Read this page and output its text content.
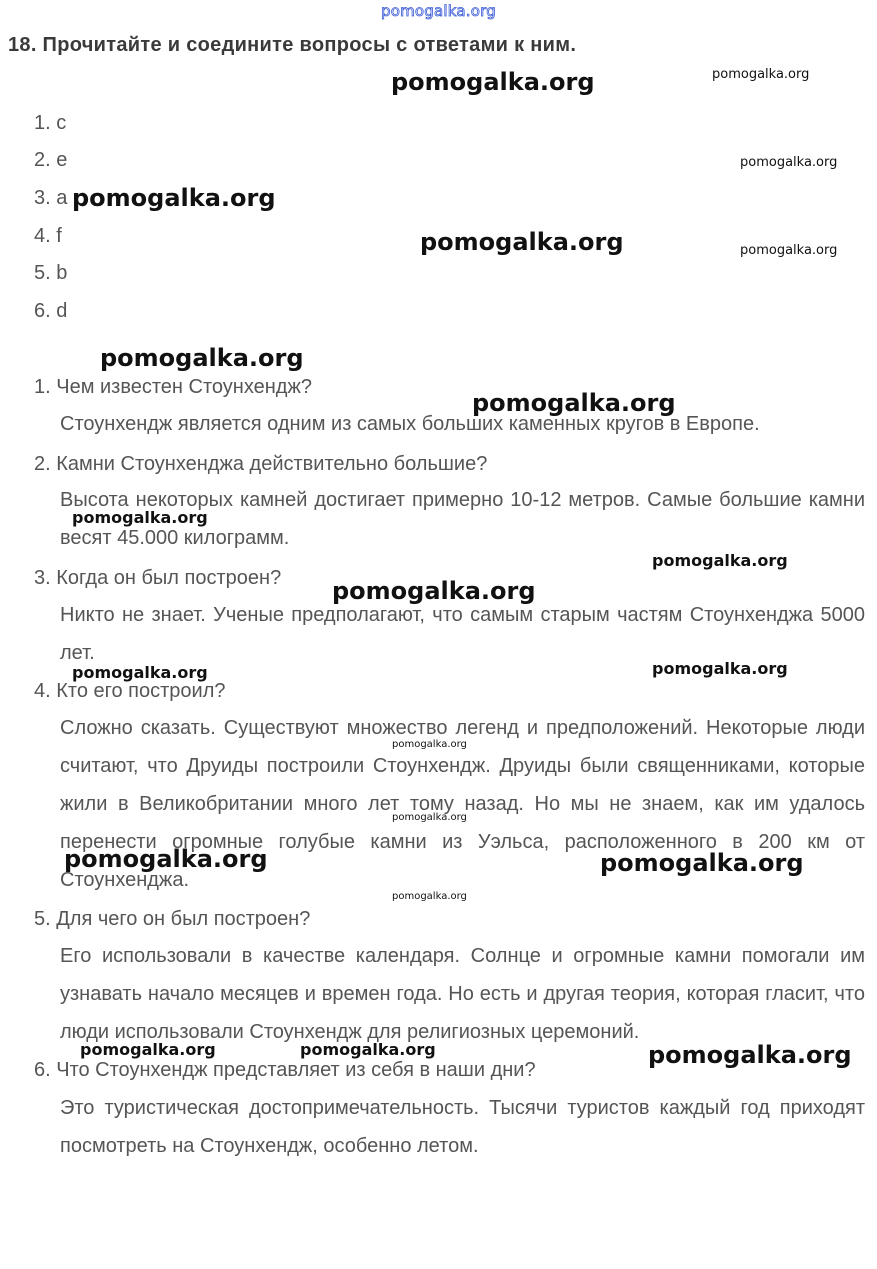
pomogalka.org
18. Прочитайте и соедините вопросы с ответами к ним.
1. c
2. e
3. a
4. f
5. b
6. d
1. Чем известен Стоунхендж?
Стоунхендж является одним из самых больших каменных кругов в Европе.
2. Камни Стоунхенджа действительно большие?
Высота некоторых камней достигает примерно 10-12 метров. Самые большие камни весят 45.000 килограмм.
3. Когда он был построен?
Никто не знает. Ученые предполагают, что самым старым частям Стоунхенджа 5000 лет.
4. Кто его построил?
Сложно сказать. Существуют множество легенд и предположений. Некоторые люди считают, что Друиды построили Стоунхендж. Друиды были священниками, которые жили в Великобритании много лет тому назад. Но мы не знаем, как им удалось перенести огромные голубые камни из Уэльса, расположенного в 200 км от Стоунхенджа.
5. Для чего он был построен?
Его использовали в качестве календаря. Солнце и огромные камни помогали им узнавать начало месяцев и времен года. Но есть и другая теория, которая гласит, что люди использовали Стоунхендж для религиозных церемоний.
6. Что Стоунхендж представляет из себя в наши дни?
Это туристическая достопримечательность. Тысячи туристов каждый год приходят посмотреть на Стоунхендж, особенно летом.
pomogalka.org	pomogalka.org
pomogalka.org
pomogalka.org
pomogalka.org	pomogalka.org
pomogalka.org
pomogalka.org
pomogalka.org
pomogalka.org
pomogalka.org
pomogalka.org	pomogalka.org
pomogalka.org
pomogalka.org
pomogalka.org	pomogalka.org
pomogalka.org
pomogalka.org	pomogalka.org	pomogalka.org
